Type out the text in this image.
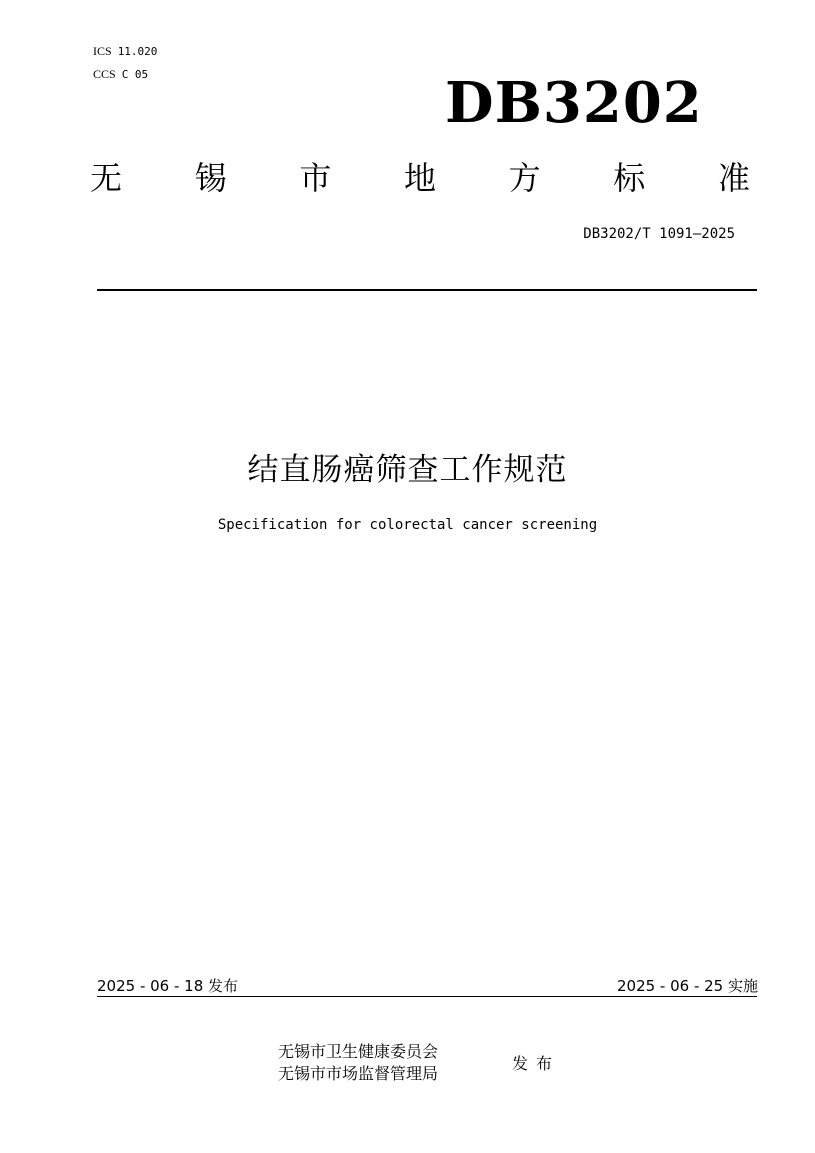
ICS 11.020
CCS C 05	DB3202
无 锡 市 地 方 标 准
DB3202/T 1091—2025
结直肠癌筛查工作规范
Specification for colorectal cancer screening
2025 - 06 - 18 发布	2025 - 06 - 25 实施
无锡市卫生健康委员会
无锡市市场监督管理局
发布
